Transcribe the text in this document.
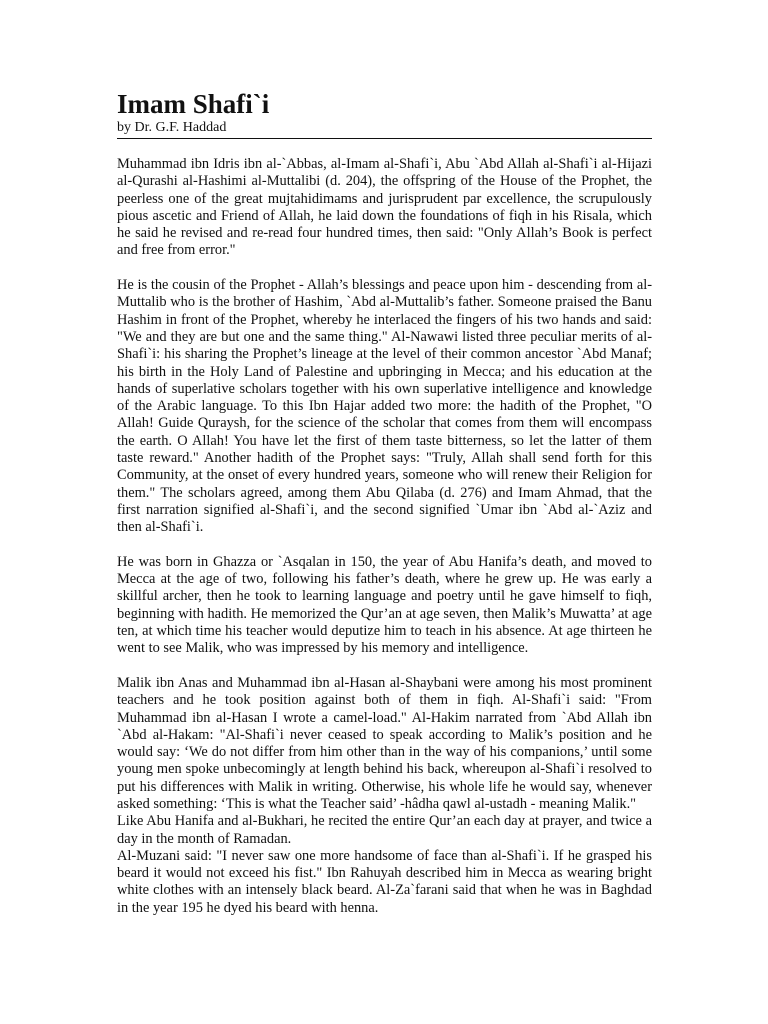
Imam Shafi`i

by Dr. G.F. Haddad

Muhammad ibn Idris ibn al-`Abbas, al-Imam al-Shafi`i, Abu `Abd Allah al-Shafi`i al-Hijazi al-Qurashi al-Hashimi al-Muttalibi (d. 204), the offspring of the House of the Prophet, the peerless one of the great mujtahidimams and jurisprudent par excellence, the scrupulously pious ascetic and Friend of Allah, he laid down the foundations of fiqh in his Risala, which he said he revised and re-read four hundred times, then said: "Only Allah’s Book is perfect and free from error."

He is the cousin of the Prophet - Allah’s blessings and peace upon him - descending from al-Muttalib who is the brother of Hashim, `Abd al-Muttalib’s father. Someone praised the Banu Hashim in front of the Prophet, whereby he interlaced the fingers of his two hands and said: "We and they are but one and the same thing." Al-Nawawi listed three peculiar merits of al-Shafi`i: his sharing the Prophet’s lineage at the level of their common ancestor `Abd Manaf; his birth in the Holy Land of Palestine and upbringing in Mecca; and his education at the hands of superlative scholars together with his own superlative intelligence and knowledge of the Arabic language. To this Ibn Hajar added two more: the hadith of the Prophet, "O Allah! Guide Quraysh, for the science of the scholar that comes from them will encompass the earth. O Allah! You have let the first of them taste bitterness, so let the latter of them taste reward." Another hadith of the Prophet says: "Truly, Allah shall send forth for this Community, at the onset of every hundred years, someone who will renew their Religion for them." The scholars agreed, among them Abu Qilaba (d. 276) and Imam Ahmad, that the first narration signified al-Shafi`i, and the second signified `Umar ibn `Abd al-`Aziz and then al-Shafi`i.

He was born in Ghazza or `Asqalan in 150, the year of Abu Hanifa’s death, and moved to Mecca at the age of two, following his father’s death, where he grew up. He was early a skillful archer, then he took to learning language and poetry until he gave himself to fiqh, beginning with hadith. He memorized the Qur’an at age seven, then Malik’s Muwatta’ at age ten, at which time his teacher would deputize him to teach in his absence. At age thirteen he went to see Malik, who was impressed by his memory and intelligence.

Malik ibn Anas and Muhammad ibn al-Hasan al-Shaybani were among his most prominent teachers and he took position against both of them in fiqh. Al-Shafi`i said: "From Muhammad ibn al-Hasan I wrote a camel-load." Al-Hakim narrated from `Abd Allah ibn `Abd al-Hakam: "Al-Shafi`i never ceased to speak according to Malik’s position and he would say: ‘We do not differ from him other than in the way of his companions,’ until some young men spoke unbecomingly at length behind his back, whereupon al-Shafi`i resolved to put his differences with Malik in writing. Otherwise, his whole life he would say, whenever asked something: ‘This is what the Teacher said’ -hâdha qawl al-ustadh - meaning Malik."

Like Abu Hanifa and al-Bukhari, he recited the entire Qur’an each day at prayer, and twice a day in the month of Ramadan.

Al-Muzani said: "I never saw one more handsome of face than al-Shafi`i. If he grasped his beard it would not exceed his fist." Ibn Rahuyah described him in Mecca as wearing bright white clothes with an intensely black beard. Al-Za`farani said that when he was in Baghdad in the year 195 he dyed his beard with henna.
